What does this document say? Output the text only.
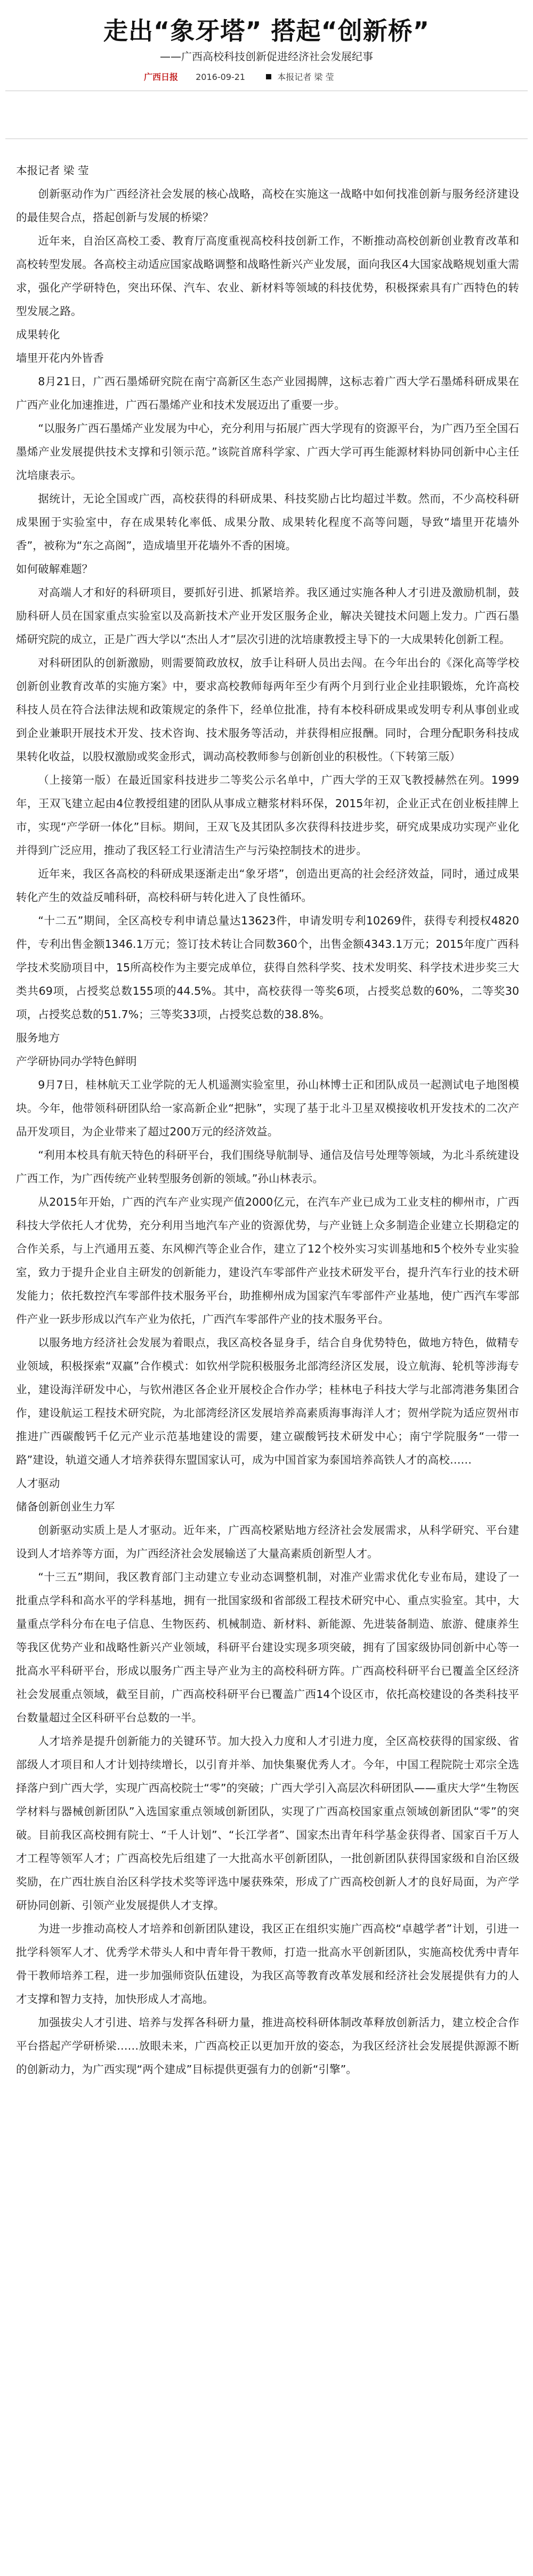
走出“象牙塔” 搭起“创新桥”
——广西高校科技创新促进经济社会发展纪事
广西日报 2016-09-21	本报记者 梁 莹

本报记者 梁 莹

创新驱动作为广西经济社会发展的核心战略，高校在实施这一战略中如何找准创新与服务经济建设的最佳契合点，搭起创新与发展的桥梁？

近年来，自治区高校工委、教育厅高度重视高校科技创新工作，不断推动高校创新创业教育改革和高校转型发展。各高校主动适应国家战略调整和战略性新兴产业发展，面向我区4大国家战略规划重大需求，强化产学研特色，突出环保、汽车、农业、新材料等领域的科技优势，积极探索具有广西特色的转型发展之路。

成果转化

墙里开花内外皆香

8月21日，广西石墨烯研究院在南宁高新区生态产业园揭牌，这标志着广西大学石墨烯科研成果在广西产业化加速推进，广西石墨烯产业和技术发展迈出了重要一步。

“以服务广西石墨烯产业发展为中心，充分利用与拓展广西大学现有的资源平台，为广西乃至全国石墨烯产业发展提供技术支撑和引领示范。”该院首席科学家、广西大学可再生能源材料协同创新中心主任沈培康表示。

据统计，无论全国或广西，高校获得的科研成果、科技奖励占比均超过半数。然而，不少高校科研成果囿于实验室中，存在成果转化率低、成果分散、成果转化程度不高等问题，导致“墙里开花墙外香”，被称为“东之高阁”，造成墙里开花墙外不香的困境。

如何破解难题？

对高端人才和好的科研项目，要抓好引进、抓紧培养。我区通过实施各种人才引进及激励机制，鼓励科研人员在国家重点实验室以及高新技术产业开发区服务企业，解决关键技术问题上发力。广西石墨烯研究院的成立，正是广西大学以“杰出人才”层次引进的沈培康教授主导下的一大成果转化创新工程。

对科研团队的创新激励，则需要简政放权，放手让科研人员出去闯。在今年出台的《深化高等学校创新创业教育改革的实施方案》中，要求高校教师每两年至少有两个月到行业企业挂职锻炼，允许高校科技人员在符合法律法规和政策规定的条件下，经单位批准，持有本校科研成果或发明专利从事创业或到企业兼职开展技术开发、技术咨询、技术服务等活动，并获得相应报酬。同时，合理分配职务科技成果转化收益，以股权激励或奖金形式，调动高校教师参与创新创业的积极性。（下转第三版）

（上接第一版）在最近国家科技进步二等奖公示名单中，广西大学的王双飞教授赫然在列。1999年，王双飞建立起由4位教授组建的团队从事成立糖浆材料环保，2015年初，企业正式在创业板挂牌上市，实现“产学研一体化”目标。期间，王双飞及其团队多次获得科技进步奖，研究成果成功实现产业化并得到广泛应用，推动了我区轻工行业清洁生产与污染控制技术的进步。

近年来，我区各高校的科研成果逐渐走出“象牙塔”，创造出更高的社会经济效益，同时，通过成果转化产生的效益反哺科研，高校科研与转化进入了良性循环。

“十二五”期间，全区高校专利申请总量达13623件，申请发明专利10269件，获得专利授权4820件，专利出售金额1346.1万元；签订技术转让合同数360个，出售金额4343.1万元；2015年度广西科学技术奖励项目中，15所高校作为主要完成单位，获得自然科学奖、技术发明奖、科学技术进步奖三大类共69项，占授奖总数155项的44.5%。其中，高校获得一等奖6项，占授奖总数的60%，二等奖30项，占授奖总数的51.7%；三等奖33项，占授奖总数的38.8%。

服务地方

产学研协同办学特色鲜明

9月7日，桂林航天工业学院的无人机遥测实验室里，孙山林博士正和团队成员一起测试电子地图模块。今年，他带领科研团队给一家高新企业“把脉”，实现了基于北斗卫星双模接收机开发技术的二次产品开发项目，为企业带来了超过200万元的经济效益。

“利用本校具有航天特色的科研平台，我们围绕导航制导、通信及信号处理等领域，为北斗系统建设广西工作，为广西传统产业转型服务创新的领域。”孙山林表示。

从2015年开始，广西的汽车产业实现产值2000亿元，在汽车产业已成为工业支柱的柳州市，广西科技大学依托人才优势，充分利用当地汽车产业的资源优势，与产业链上众多制造企业建立长期稳定的合作关系，与上汽通用五菱、东风柳汽等企业合作，建立了12个校外实习实训基地和5个校外专业实验室，致力于提升企业自主研发的创新能力，建设汽车零部件产业技术研发平台，提升汽车行业的技术研发能力；依托数控汽车零部件技术服务平台，助推柳州成为国家汽车零部件产业基地，使广西汽车零部件产业一跃步形成以汽车产业为依托，广西汽车零部件产业的技术服务平台。

以服务地方经济社会发展为着眼点，我区高校各显身手，结合自身优势特色，做地方特色，做精专业领域，积极探索“双赢”合作模式：如钦州学院积极服务北部湾经济区发展，设立航海、轮机等涉海专业，建设海洋研发中心，与钦州港区各企业开展校企合作办学；桂林电子科技大学与北部湾港务集团合作，建设航运工程技术研究院，为北部湾经济区发展培养高素质海事海洋人才；贺州学院为适应贺州市推进广西碳酸钙千亿元产业示范基地建设的需要，建立碳酸钙技术研发中心；南宁学院服务“一带一路”建设，轨道交通人才培养获得东盟国家认可，成为中国首家为泰国培养高铁人才的高校……

人才驱动

储备创新创业生力军

创新驱动实质上是人才驱动。近年来，广西高校紧贴地方经济社会发展需求，从科学研究、平台建设到人才培养等方面，为广西经济社会发展输送了大量高素质创新型人才。

“十三五”期间，我区教育部门主动建立专业动态调整机制，对准产业需求优化专业布局，建设了一批重点学科和高水平的学科基地，拥有一批国家级和省部级工程技术研究中心、重点实验室。其中，大量重点学科分布在电子信息、生物医药、机械制造、新材料、新能源、先进装备制造、旅游、健康养生等我区优势产业和战略性新兴产业领域，科研平台建设实现多项突破，拥有了国家级协同创新中心等一批高水平科研平台，形成以服务广西主导产业为主的高校科研方阵。广西高校科研平台已覆盖全区经济社会发展重点领域，截至目前，广西高校科研平台已覆盖广西14个设区市，依托高校建设的各类科技平台数量超过全区科研平台总数的一半。

人才培养是提升创新能力的关键环节。加大投入力度和人才引进力度，全区高校获得的国家级、省部级人才项目和人才计划持续增长，以引育并举、加快集聚优秀人才。今年，中国工程院院士邓宗全选择落户到广西大学，实现广西高校院士“零”的突破；广西大学引入高层次科研团队——重庆大学“生物医学材料与器械创新团队”入选国家重点领域创新团队，实现了广西高校国家重点领域创新团队“零”的突破。目前我区高校拥有院士、“千人计划”、“长江学者”、国家杰出青年科学基金获得者、国家百千万人才工程等领军人才；广西高校先后组建了一大批高水平创新团队，一批创新团队获得国家级和自治区级奖励，在广西壮族自治区科学技术奖等评选中屡获殊荣，形成了广西高校创新人才的良好局面，为产学研协同创新、引领产业发展提供人才支撑。

为进一步推动高校人才培养和创新团队建设，我区正在组织实施广西高校“卓越学者”计划，引进一批学科领军人才、优秀学术带头人和中青年骨干教师，打造一批高水平创新团队，实施高校优秀中青年骨干教师培养工程，进一步加强师资队伍建设，为我区高等教育改革发展和经济社会发展提供有力的人才支撑和智力支持，加快形成人才高地。

加强拔尖人才引进、培养与发挥各科研力量，推进高校科研体制改革释放创新活力，建立校企合作平台搭起产学研桥梁……放眼未来，广西高校正以更加开放的姿态，为我区经济社会发展提供源源不断的创新动力，为广西实现“两个建成”目标提供更强有力的创新“引擎”。
